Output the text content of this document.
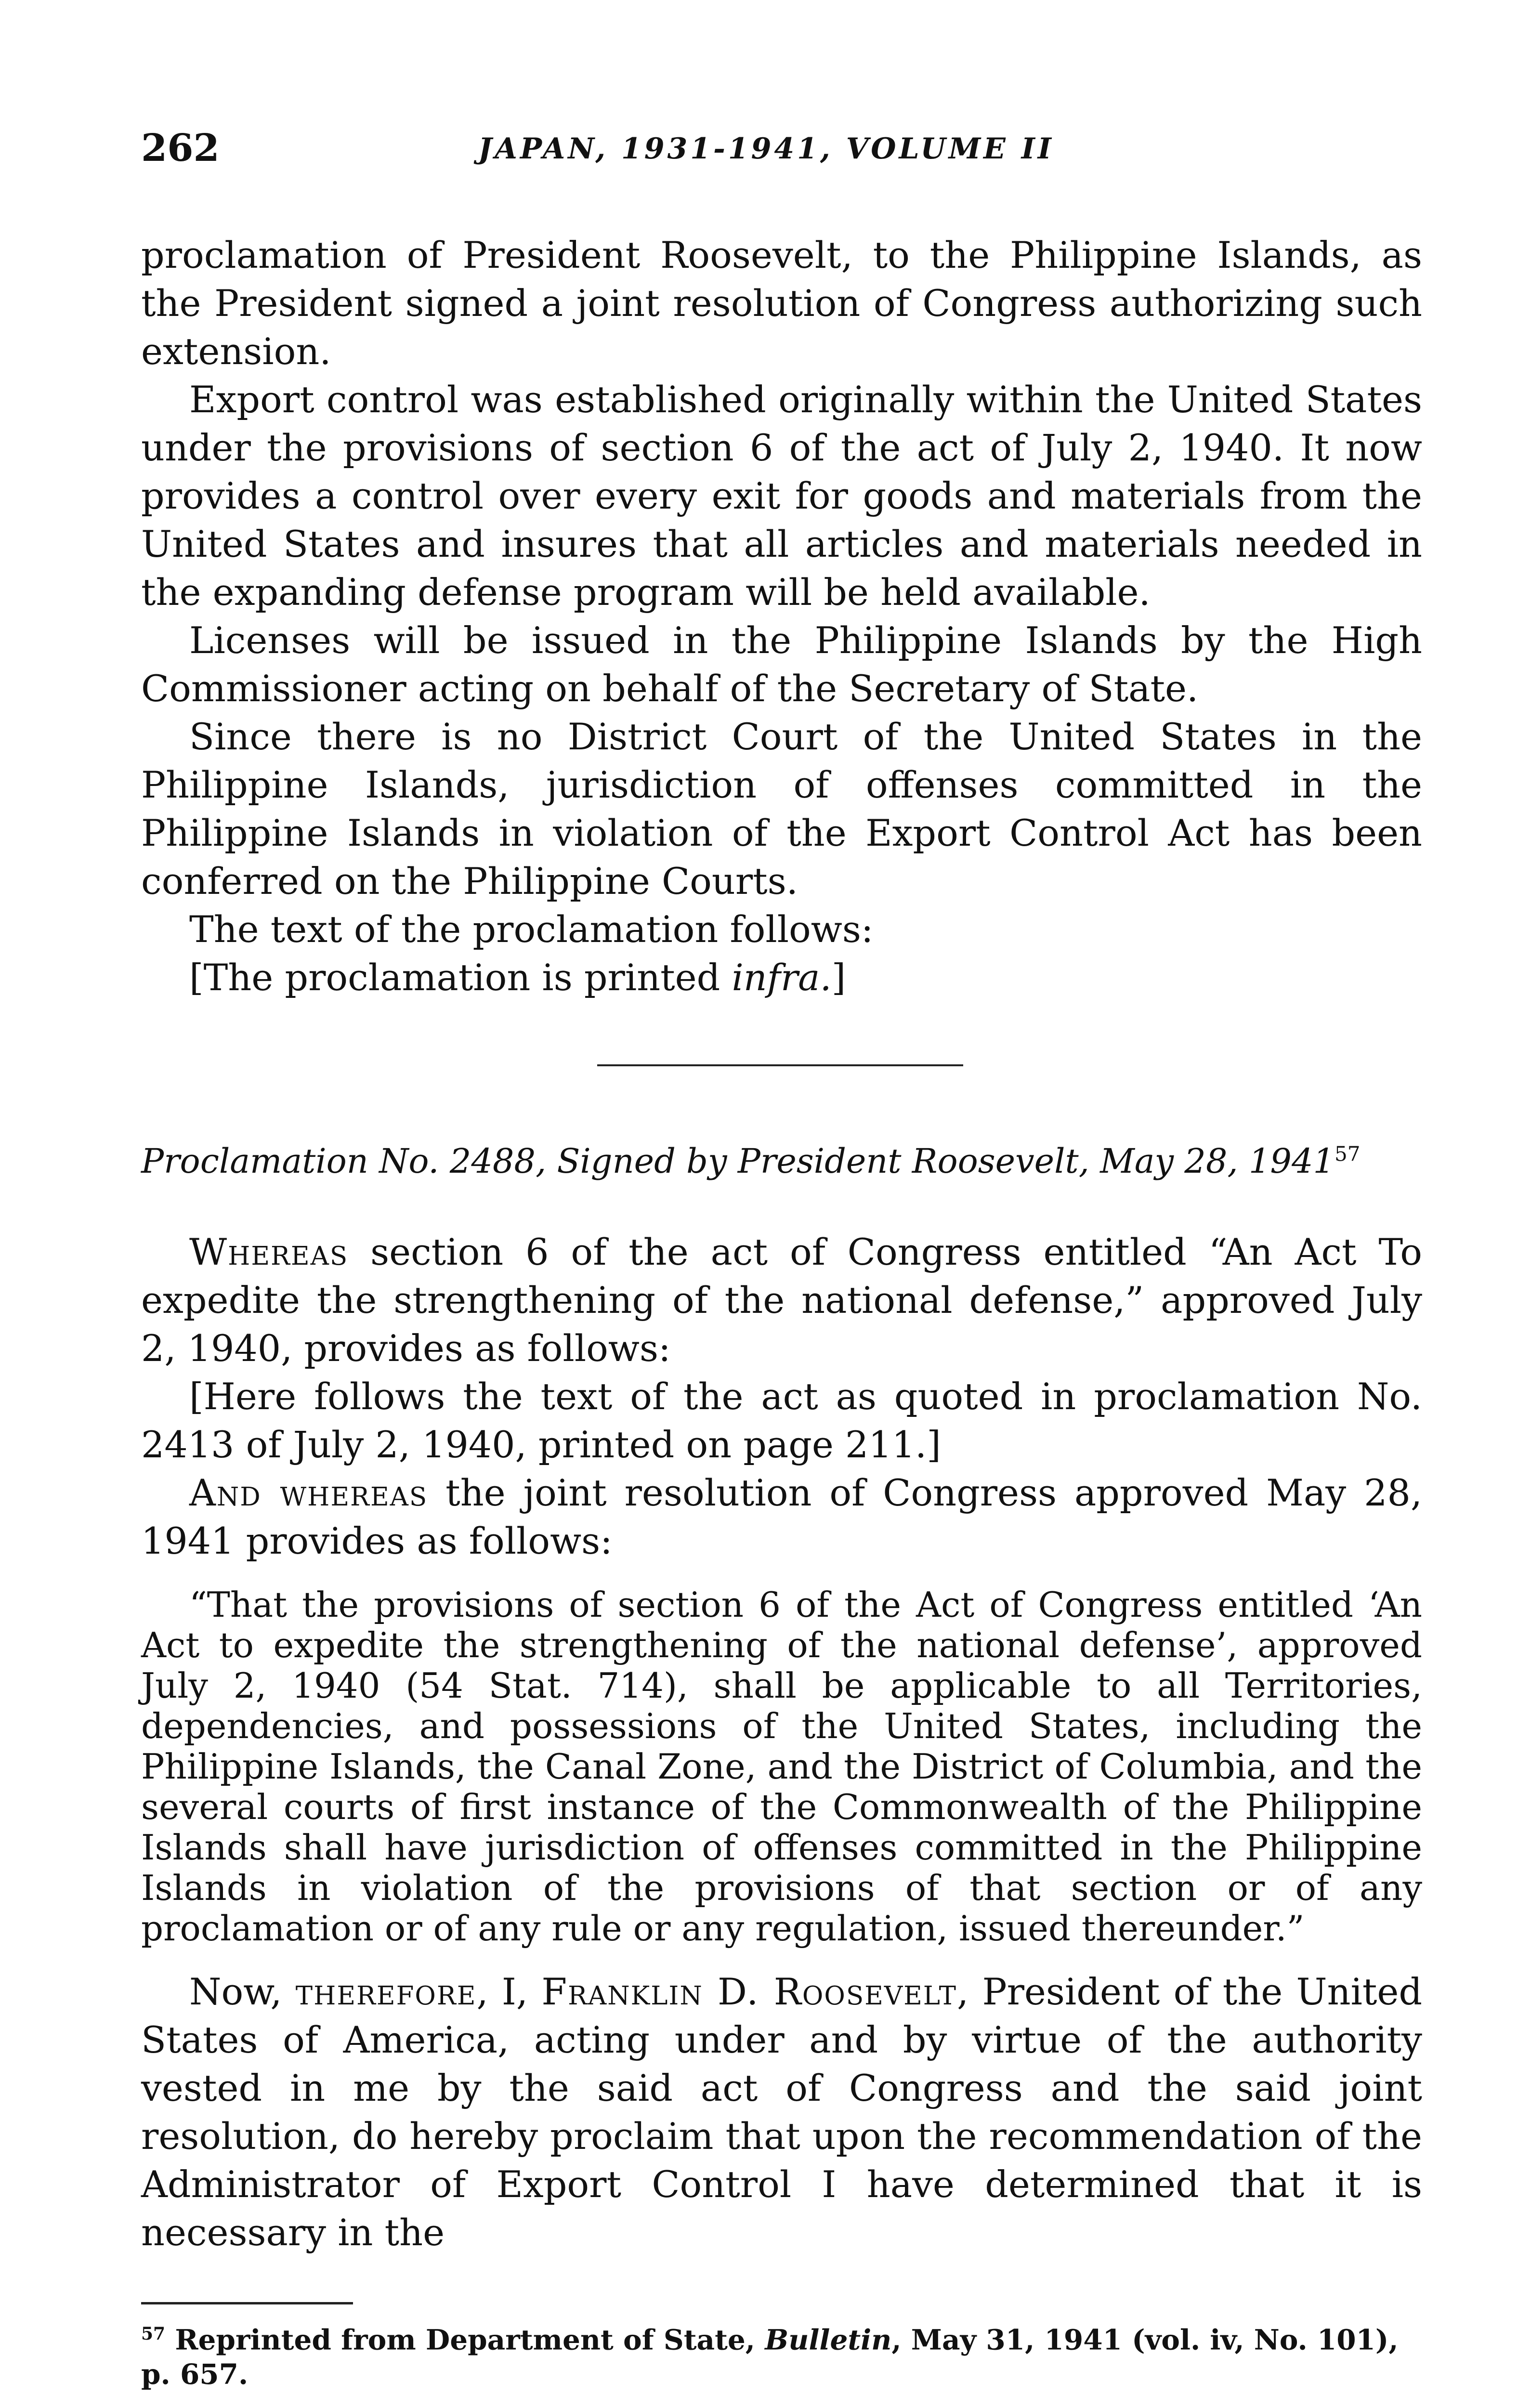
262	JAPAN, 1931-1941, VOLUME II

proclamation of President Roosevelt, to the Philippine Islands, as the President signed a joint resolution of Congress authorizing such extension.

Export control was established originally within the United States under the provisions of section 6 of the act of July 2, 1940. It now provides a control over every exit for goods and materials from the United States and insures that all articles and materials needed in the expanding defense program will be held available.

Licenses will be issued in the Philippine Islands by the High Commissioner acting on behalf of the Secretary of State.

Since there is no District Court of the United States in the Philippine Islands, jurisdiction of offenses committed in the Philippine Islands in violation of the Export Control Act has been conferred on the Philippine Courts.

The text of the proclamation follows:

[The proclamation is printed infra.]

Proclamation No. 2488, Signed by President Roosevelt, May 28, 1941$^{57}$

Whereas section 6 of the act of Congress entitled “An Act To expedite the strengthening of the national defense,” approved July 2, 1940, provides as follows:

[Here follows the text of the act as quoted in proclamation No. 2413 of July 2, 1940, printed on page 211.]

And whereas the joint resolution of Congress approved May 28, 1941 provides as follows:

“That the provisions of section 6 of the Act of Congress entitled ‘An Act to expedite the strengthening of the national defense’, approved July 2, 1940 (54 Stat. 714), shall be applicable to all Territories, dependencies, and possessions of the United States, including the Philippine Islands, the Canal Zone, and the District of Columbia, and the several courts of first instance of the Commonwealth of the Philippine Islands shall have jurisdiction of offenses committed in the Philippine Islands in violation of the provisions of that section or of any proclamation or of any rule or any regulation, issued thereunder.”

Now, therefore, I, Franklin D. Roosevelt, President of the United States of America, acting under and by virtue of the authority vested in me by the said act of Congress and the said joint resolution, do hereby proclaim that upon the recommendation of the Administrator of Export Control I have determined that it is necessary in the

$^{57}$ Reprinted from Department of State, Bulletin, May 31, 1941 (vol. iv, No. 101), p. 657.
